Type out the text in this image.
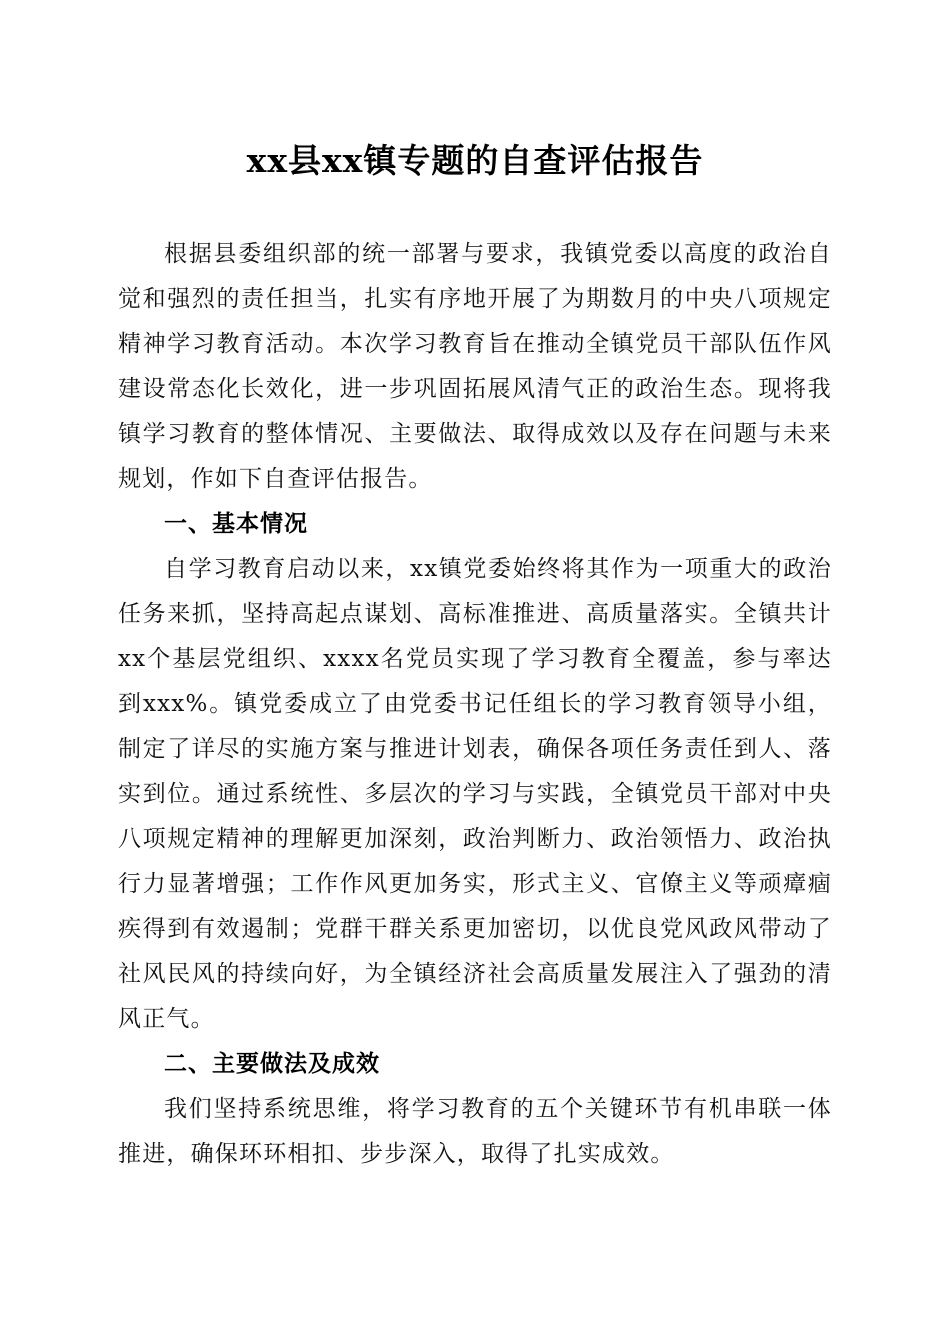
xx县xx镇专题的自查评估报告

根据县委组织部的统一部署与要求，我镇党委以高度的政治自觉和强烈的责任担当，扎实有序地开展了为期数月的中央八项规定精神学习教育活动。本次学习教育旨在推动全镇党员干部队伍作风建设常态化长效化，进一步巩固拓展风清气正的政治生态。现将我镇学习教育的整体情况、主要做法、取得成效以及存在问题与未来规划，作如下自查评估报告。

一、基本情况

自学习教育启动以来，xx镇党委始终将其作为一项重大的政治任务来抓，坚持高起点谋划、高标准推进、高质量落实。全镇共计xx个基层党组织、xxxx名党员实现了学习教育全覆盖，参与率达到xxx%。镇党委成立了由党委书记任组长的学习教育领导小组，制定了详尽的实施方案与推进计划表，确保各项任务责任到人、落实到位。通过系统性、多层次的学习与实践，全镇党员干部对中央八项规定精神的理解更加深刻，政治判断力、政治领悟力、政治执行力显著增强；工作作风更加务实，形式主义、官僚主义等顽瘴痼疾得到有效遏制；党群干群关系更加密切，以优良党风政风带动了社风民风的持续向好，为全镇经济社会高质量发展注入了强劲的清风正气。

二、主要做法及成效

我们坚持系统思维，将学习教育的五个关键环节有机串联一体推进，确保环环相扣、步步深入，取得了扎实成效。
